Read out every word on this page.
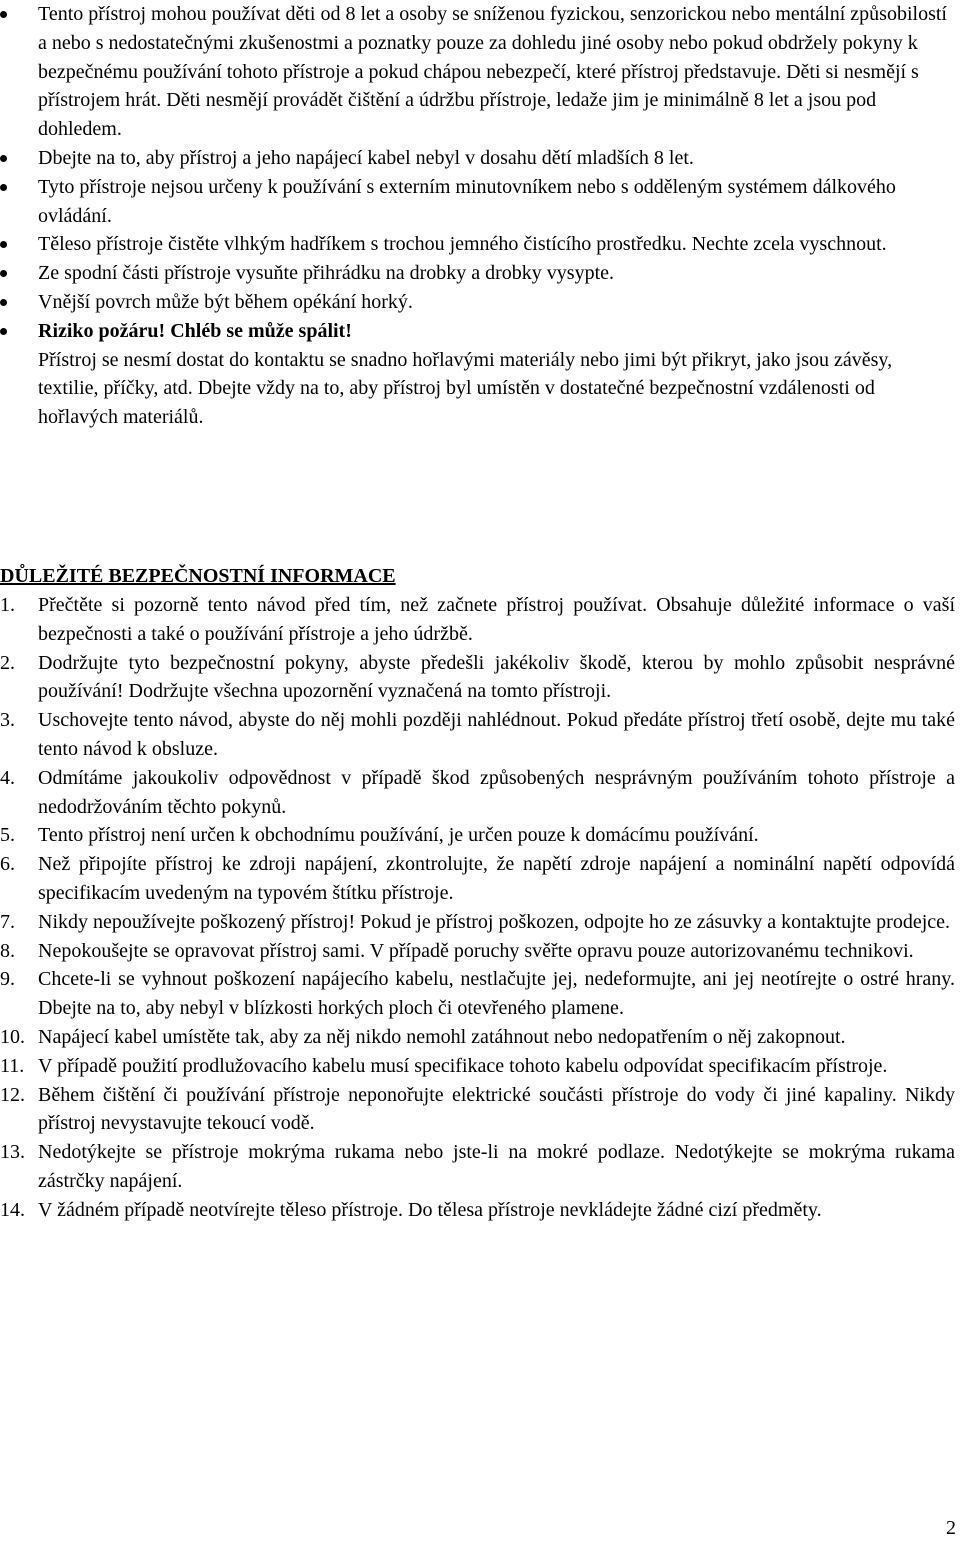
Tento přístroj mohou používat děti od 8 let a osoby se sníženou fyzickou, senzorickou nebo mentální způsobilostí a nebo s nedostatečnými zkušenostmi a poznatky pouze za dohledu jiné osoby nebo pokud obdržely pokyny k bezpečnému používání tohoto přístroje a pokud chápou nebezpečí, které přístroj představuje. Děti si nesmějí s přístrojem hrát. Děti nesmějí provádět čištění a údržbu přístroje, ledaže jim je minimálně 8 let a jsou pod dohledem.
Dbejte na to, aby přístroj a jeho napájecí kabel nebyl v dosahu dětí mladších 8 let.
Tyto přístroje nejsou určeny k používání s externím minutovníkem nebo s odděleným systémem dálkového ovládání.
Těleso přístroje čistěte vlhkým hadříkem s trochou jemného čistícího prostředku. Nechte zcela vyschnout.
Ze spodní části přístroje vysuňte přihrádku na drobky a drobky vysypte.
Vnější povrch může být během opékání horký.
Riziko požáru! Chléb se může spálit!
Přístroj se nesmí dostat do kontaktu se snadno hořlavými materiály nebo jimi být přikryt, jako jsou závěsy, textilie, příčky, atd. Dbejte vždy na to, aby přístroj byl umístěn v dostatečné bezpečnostní vzdálenosti od hořlavých materiálů.
DŮLEŽITÉ BEZPEČNOSTNÍ INFORMACE
1. Přečtěte si pozorně tento návod před tím, než začnete přístroj používat. Obsahuje důležité informace o vaší bezpečnosti a také o používání přístroje a jeho údržbě.
2. Dodržujte tyto bezpečnostní pokyny, abyste předešli jakékoliv škodě, kterou by mohlo způsobit nesprávné používání! Dodržujte všechna upozornění vyznačená na tomto přístroji.
3. Uschovejte tento návod, abyste do něj mohli později nahlédnout. Pokud předáte přístroj třetí osobě, dejte mu také tento návod k obsluze.
4. Odmítáme jakoukoliv odpovědnost v případě škod způsobených nesprávným používáním tohoto přístroje a nedodržováním těchto pokynů.
5. Tento přístroj není určen k obchodnímu používání, je určen pouze k domácímu používání.
6. Než připojíte přístroj ke zdroji napájení, zkontrolujte, že napětí zdroje napájení a nominální napětí odpovídá specifikacím uvedeným na typovém štítku přístroje.
7. Nikdy nepoužívejte poškozený přístroj! Pokud je přístroj poškozen, odpojte ho ze zásuvky a kontaktujte prodejce.
8. Nepokoušejte se opravovat přístroj sami. V případě poruchy svěřte opravu pouze autorizovanému technikovi.
9. Chcete-li se vyhnout poškození napájecího kabelu, nestlačujte jej, nedeformujte, ani jej neotírejte o ostré hrany. Dbejte na to, aby nebyl v blízkosti horkých ploch či otevřeného plamene.
10. Napájecí kabel umístěte tak, aby za něj nikdo nemohl zatáhnout nebo nedopatřením o něj zakopnout.
11. V případě použití prodlužovacího kabelu musí specifikace tohoto kabelu odpovídat specifikacím přístroje.
12. Během čištění či používání přístroje neponořujte elektrické součásti přístroje do vody či jiné kapaliny. Nikdy přístroj nevystavujte tekoucí vodě.
13. Nedotýkejte se přístroje mokrýma rukama nebo jste-li na mokré podlaze. Nedotýkejte se mokrýma rukama zástrčky napájení.
14. V žádném případě neotvírejte těleso přístroje. Do tělesa přístroje nevkládejte žádné cizí předměty.
2
